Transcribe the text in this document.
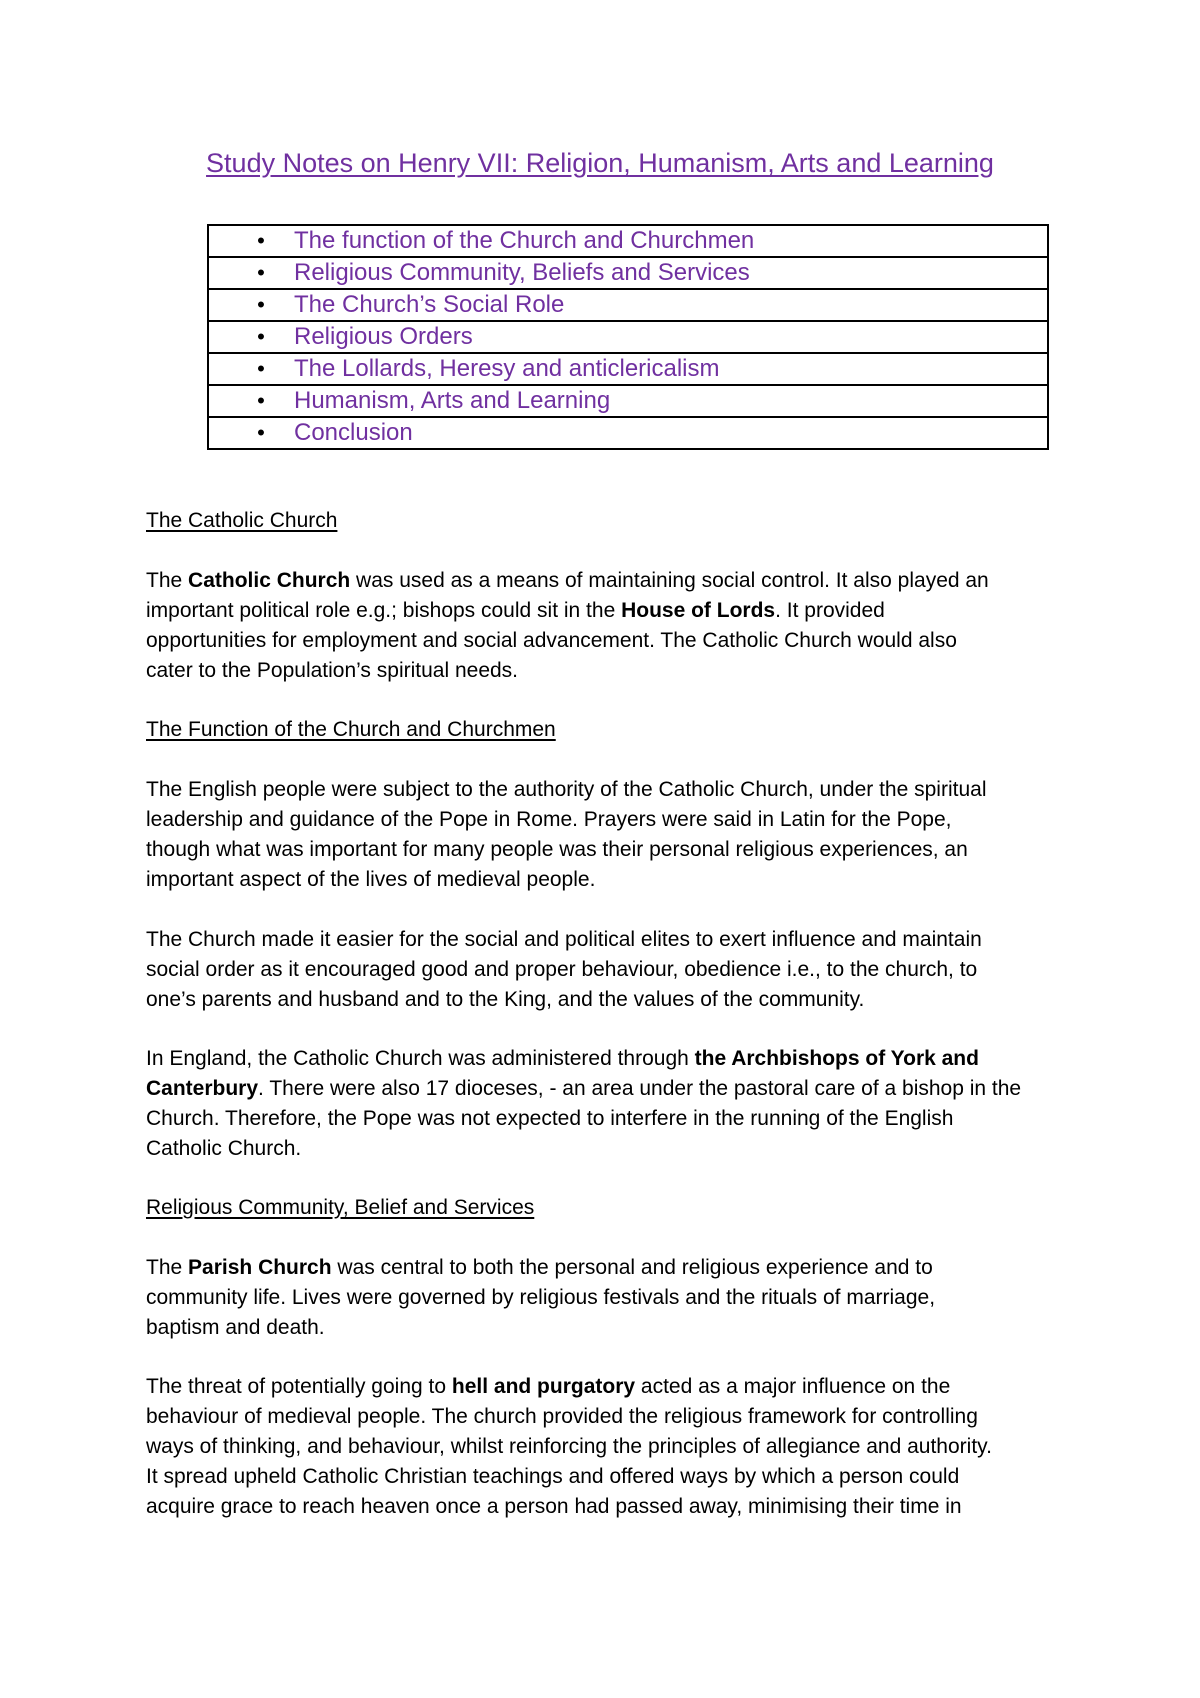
Study Notes on Henry VII: Religion, Humanism, Arts and Learning
• The function of the Church and Churchmen
• Religious Community, Beliefs and Services
• The Church’s Social Role
• Religious Orders
• The Lollards, Heresy and anticlericalism
• Humanism, Arts and Learning
• Conclusion
The Catholic Church
The Catholic Church was used as a means of maintaining social control. It also played an
important political role e.g.; bishops could sit in the House of Lords. It provided
opportunities for employment and social advancement. The Catholic Church would also
cater to the Population’s spiritual needs.
The Function of the Church and Churchmen
The English people were subject to the authority of the Catholic Church, under the spiritual
leadership and guidance of the Pope in Rome. Prayers were said in Latin for the Pope,
though what was important for many people was their personal religious experiences, an
important aspect of the lives of medieval people.
The Church made it easier for the social and political elites to exert influence and maintain
social order as it encouraged good and proper behaviour, obedience i.e., to the church, to
one’s parents and husband and to the King, and the values of the community.
In England, the Catholic Church was administered through the Archbishops of York and
Canterbury. There were also 17 dioceses, - an area under the pastoral care of a bishop in the
Church. Therefore, the Pope was not expected to interfere in the running of the English
Catholic Church.
Religious Community, Belief and Services
The Parish Church was central to both the personal and religious experience and to
community life. Lives were governed by religious festivals and the rituals of marriage,
baptism and death.
The threat of potentially going to hell and purgatory acted as a major influence on the
behaviour of medieval people. The church provided the religious framework for controlling
ways of thinking, and behaviour, whilst reinforcing the principles of allegiance and authority.
It spread upheld Catholic Christian teachings and offered ways by which a person could
acquire grace to reach heaven once a person had passed away, minimising their time in
